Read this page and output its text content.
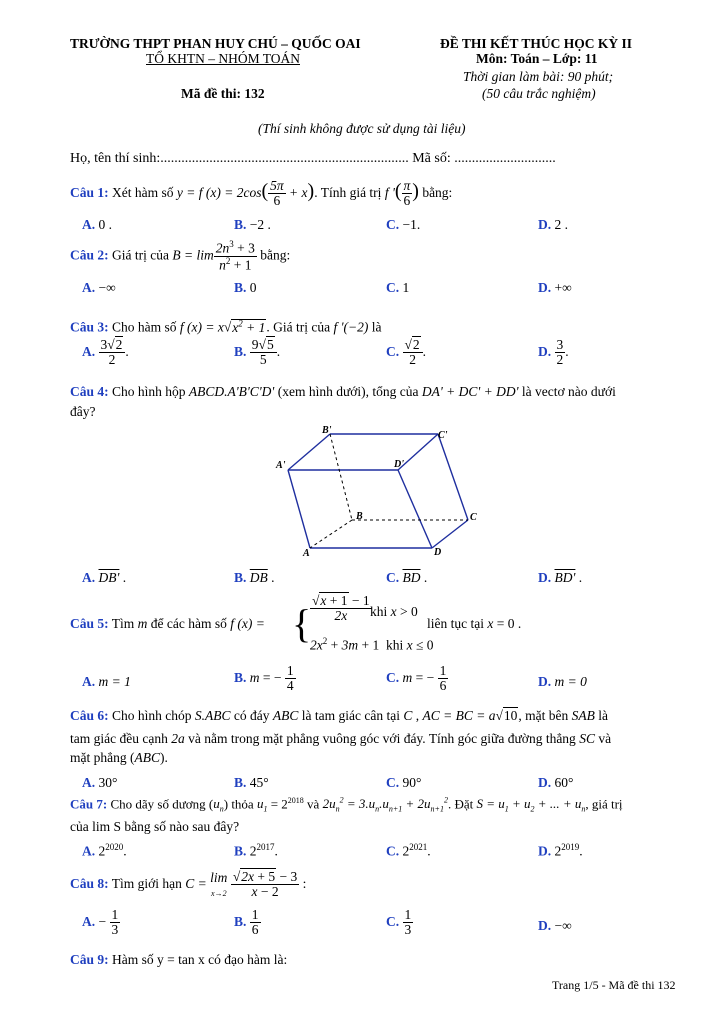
TRƯỜNG THPT PHAN HUY CHÚ – QUỐC OAI
TỔ KHTN – NHÓM TOÁN
Mã đề thi: 132
ĐỀ THI KẾT THÚC HỌC KỲ II
Môn: Toán – Lớp: 11
Thời gian làm bài: 90 phút;
(50 câu trắc nghiệm)
(Thí sinh không được sử dụng tài liệu)
Họ, tên thí sinh:....................................................................... Mã số: .............................
Câu 1: Xét hàm số y = f $(x) = 2\cos( \frac{5\pi}{6} + x)$. Tính giá trị f '( $\frac{\pi}{6}$ ) bằng:
A. 0 .	B. −2 .	C. −1.	D. 2 .
Câu 2: Giá trị của $B = \lim \frac{2n^3 + 3}{n^2 + 1}$ bằng:
A. −∞	B. 0	C. 1	D. +∞
Câu 3: Cho hàm số f $(x) = x√x^2 + 1$. Giá trị của f '(−2) là
A. $\frac{3√2}{2}$ .	B. $\frac{9√5}{5}$ .	C. $\frac{√2}{2}$ .	D. $\frac{3}{2}$ .
Câu 4: Cho hình hộp ABCD.A'B'C'D' (xem hình dưới), tổng của DA' + DC' + DD' là vectơ nào dưới
đây?
A'
B'	C'
D'
A
B	C
D
A. DB' .	B. $\overline{DB}$ .	C. $\overline{BD}$ .	D. BD' .
Câu 5: Tìm m để các hàm số f (x) = {
$\frac{√x + 1 - 1}{2x}$
khi x > 0
$2x^2 + 3m + 1$  khi x ≤ 0
liên tục tại x = 0 .
A. m = 1	B. m = − $\frac{1}{4}$	C. m = − $\frac{1}{6}$	D. m = 0
Câu 6: Cho hình chóp S.ABC có đáy ABC là tam giác cân tại C , AC = BC = a√10, mặt bên SAB là
tam giác đều cạnh 2a và nằm trong mặt phẳng vuông góc với đáy. Tính góc giữa đường thẳng SC và
mặt phẳng (ABC).
A. 30°	B. 45°	C. 90°	D. 60°
Câu 7: Cho dãy số dương $(u_n)$ thỏa $u_1 = 2^{2018}$ và $2u_n^2 = 3.u_n.u_{n+1} + 2u_{n+1}^2$. Đặt $S = u_1 + u_2$ + ... + $u_n$, giá trị
của lim S bằng số nào sau đây?
A. $2^{2020}$.	B. $2^{2017}$.	C. $2^{2021}$.	D. $2^{2019}$.
Câu 8: Tìm giới hạn C = lim
$x\to 2 \frac{√2x + 5 - 3}{x - 2}$ :
A. − $\frac{1}{3}$	B. $\frac{1}{6}$	C. $\frac{1}{3}$	D. −∞
Câu 9: Hàm số y = tan x có đạo hàm là:
Trang 1/5 - Mã đề thi 132
